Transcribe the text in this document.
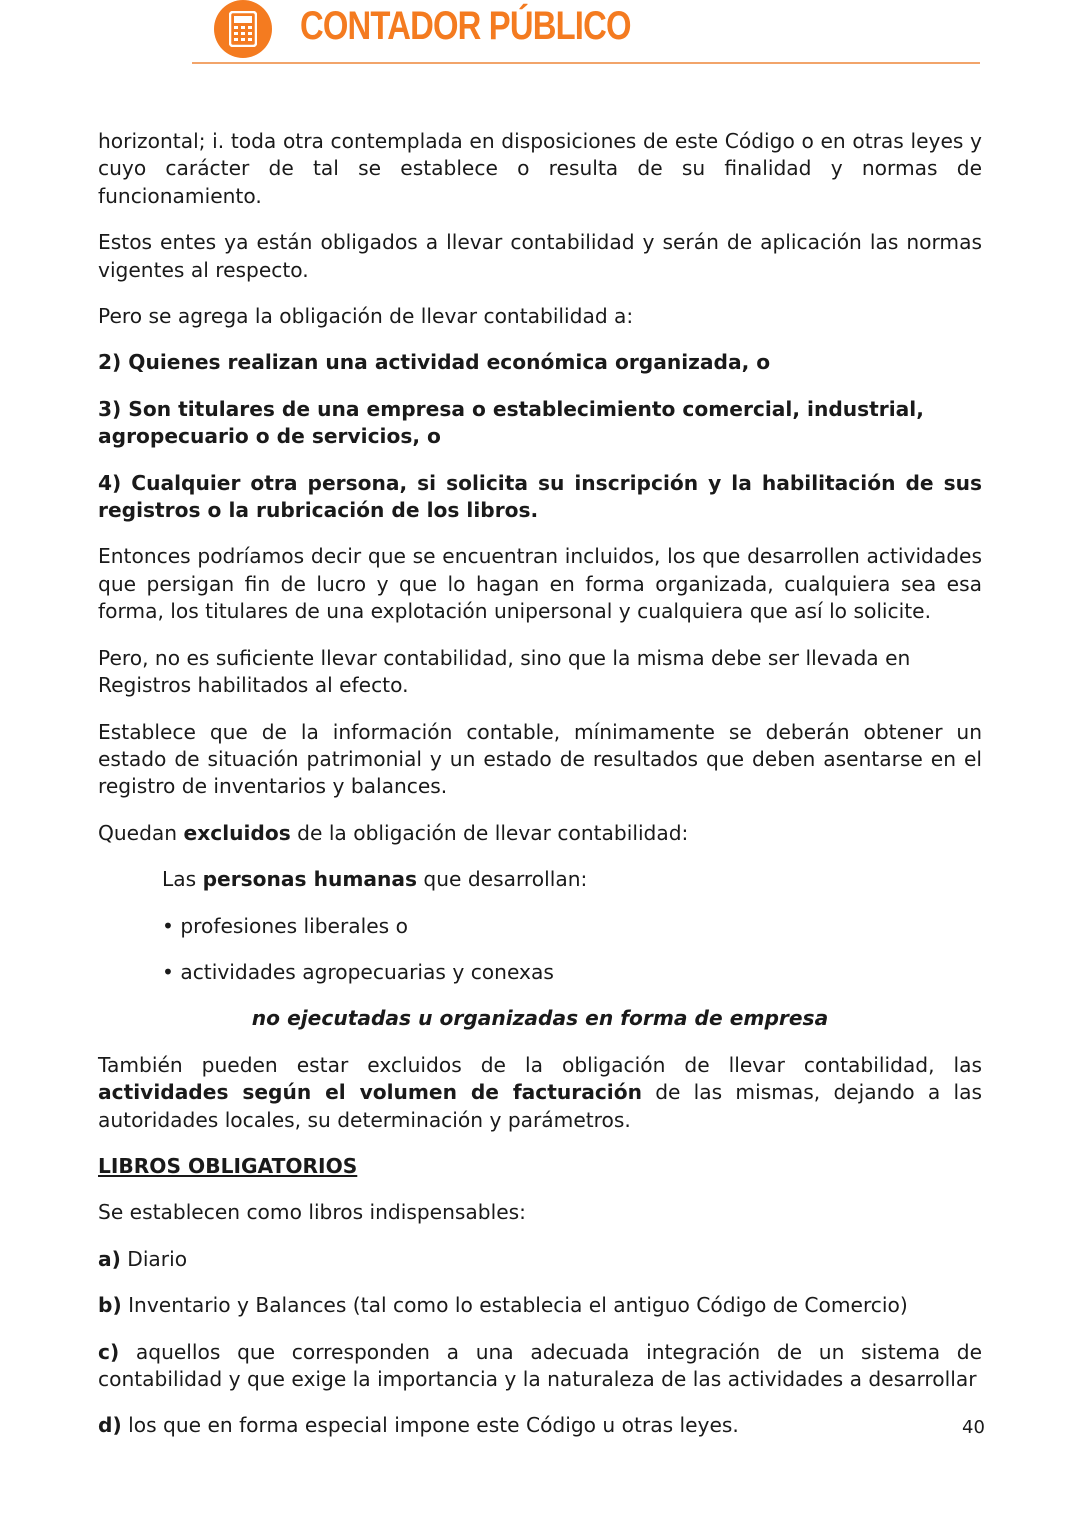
CONTADOR PÚBLICO

horizontal; i. toda otra contemplada en disposiciones de este Código o en otras leyes y cuyo carácter de tal se establece o resulta de su finalidad y normas de funcionamiento.

Estos entes ya están obligados a llevar contabilidad y serán de aplicación las normas vigentes al respecto.

Pero se agrega la obligación de llevar contabilidad a:

2) Quienes realizan una actividad económica organizada, o

3) Son titulares de una empresa o establecimiento comercial, industrial, agropecuario o de servicios, o

4) Cualquier otra persona, si solicita su inscripción y la habilitación de sus registros o la rubricación de los libros.

Entonces podríamos decir que se encuentran incluidos, los que desarrollen actividades que persigan fin de lucro y que lo hagan en forma organizada, cualquiera sea esa forma, los titulares de una explotación unipersonal y cualquiera que así lo solicite.

Pero, no es suficiente llevar contabilidad, sino que la misma debe ser llevada en Registros habilitados al efecto.

Establece que de la información contable, mínimamente se deberán obtener un estado de situación patrimonial y un estado de resultados que deben asentarse en el registro de inventarios y balances.

Quedan excluidos de la obligación de llevar contabilidad:

Las personas humanas que desarrollan:

• profesiones liberales o

• actividades agropecuarias y conexas

no ejecutadas u organizadas en forma de empresa

También pueden estar excluidos de la obligación de llevar contabilidad, las actividades según el volumen de facturación de las mismas, dejando a las autoridades locales, su determinación y parámetros.

LIBROS OBLIGATORIOS

Se establecen como libros indispensables:

a) Diario

b) Inventario y Balances (tal como lo establecia el antiguo Código de Comercio)

c) aquellos que corresponden a una adecuada integración de un sistema de contabilidad y que exige la importancia y la naturaleza de las actividades a desarrollar

d) los que en forma especial impone este Código u otras leyes.	40
